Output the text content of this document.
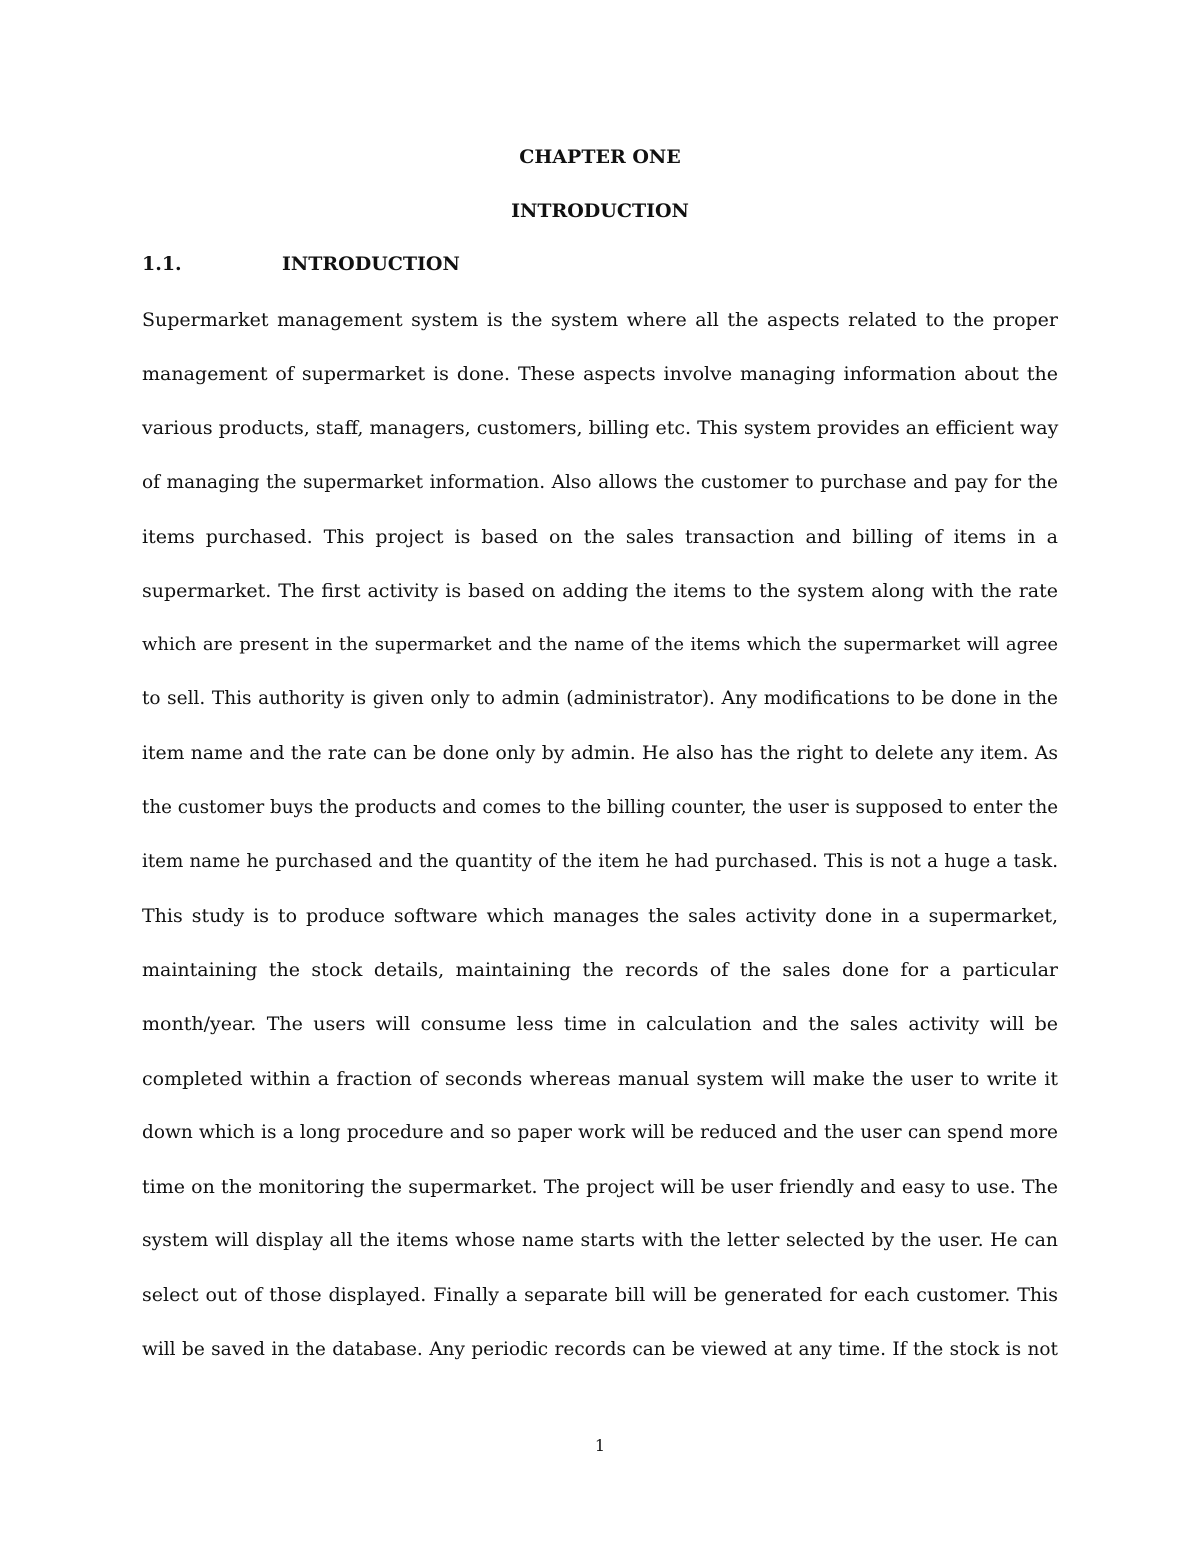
CHAPTER ONE
INTRODUCTION
1.1.	INTRODUCTION
Supermarket management system is the system where all the aspects related to the proper
management of supermarket is done. These aspects involve managing information about the
various products, staff, managers, customers, billing etc. This system provides an efficient way
of managing the supermarket information. Also allows the customer to purchase and pay for the
items purchased. This project is based on the sales transaction and billing of items in a
supermarket. The first activity is based on adding the items to the system along with the rate
which are present in the supermarket and the name of the items which the supermarket will agree
to sell. This authority is given only to admin (administrator). Any modifications to be done in the
item name and the rate can be done only by admin. He also has the right to delete any item. As
the customer buys the products and comes to the billing counter, the user is supposed to enter the
item name he purchased and the quantity of the item he had purchased. This is not a huge a task.
This study is to produce software which manages the sales activity done in a supermarket,
maintaining the stock details, maintaining the records of the sales done for a particular
month/year. The users will consume less time in calculation and the sales activity will be
completed within a fraction of seconds whereas manual system will make the user to write it
down which is a long procedure and so paper work will be reduced and the user can spend more
time on the monitoring the supermarket. The project will be user friendly and easy to use. The
system will display all the items whose name starts with the letter selected by the user. He can
select out of those displayed. Finally a separate bill will be generated for each customer. This
will be saved in the database. Any periodic records can be viewed at any time. If the stock is not
1
